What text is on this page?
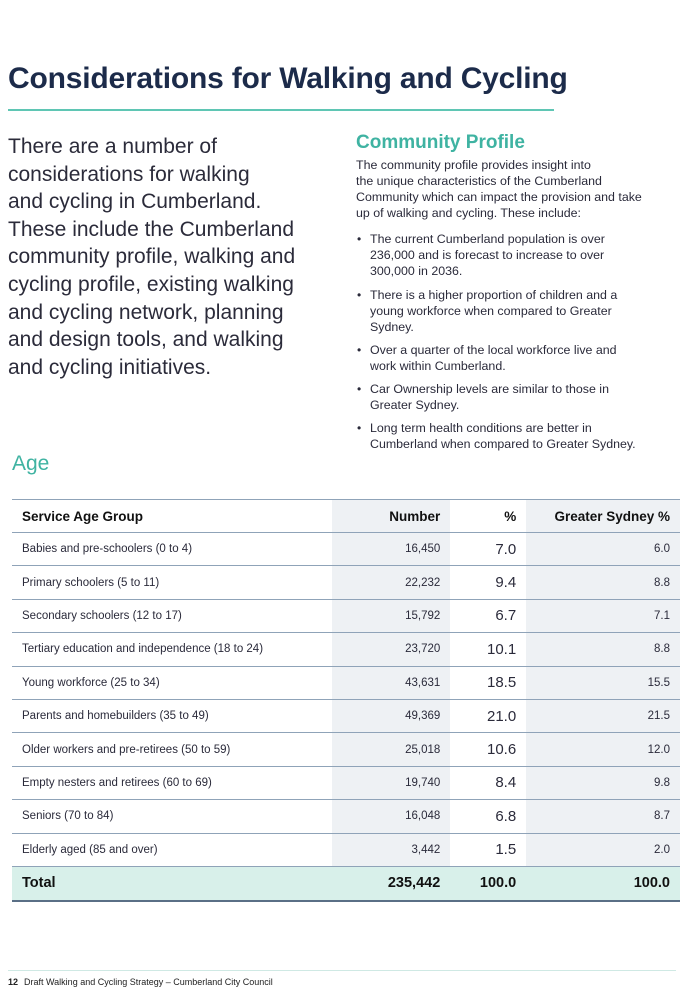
Considerations for Walking and Cycling
There are a number of
considerations for walking
and cycling in Cumberland.
These include the Cumberland
community profile, walking and
cycling profile, existing walking
and cycling network, planning
and design tools, and walking
and cycling initiatives.
Community Profile
The community profile provides insight into
the unique characteristics of the Cumberland
Community which can impact the provision and take
up of walking and cycling. These include:
• The current Cumberland population is over
236,000 and is forecast to increase to over
300,000 in 2036.
• There is a higher proportion of children and a
young workforce when compared to Greater
Sydney.
• Over a quarter of the local workforce live and
work within Cumberland.
• Car Ownership levels are similar to those in
Greater Sydney.
• Long term health conditions are better in
Cumberland when compared to Greater Sydney.
Age
Service Age Group	Number	%	Greater Sydney %
Babies and pre-schoolers (0 to 4)	16,450	7.0	6.0
Primary schoolers (5 to 11)	22,232	9.4	8.8
Secondary schoolers (12 to 17)	15,792	6.7	7.1
Tertiary education and independence (18 to 24)	23,720	10.1	8.8
Young workforce (25 to 34)	43,631	18.5	15.5
Parents and homebuilders (35 to 49)	49,369	21.0	21.5
Older workers and pre-retirees (50 to 59)	25,018	10.6	12.0
Empty nesters and retirees (60 to 69)	19,740	8.4	9.8
Seniors (70 to 84)	16,048	6.8	8.7
Elderly aged (85 and over)	3,442	1.5	2.0
Total	235,442	100.0	100.0
12 Draft Walking and Cycling Strategy – Cumberland City Council
